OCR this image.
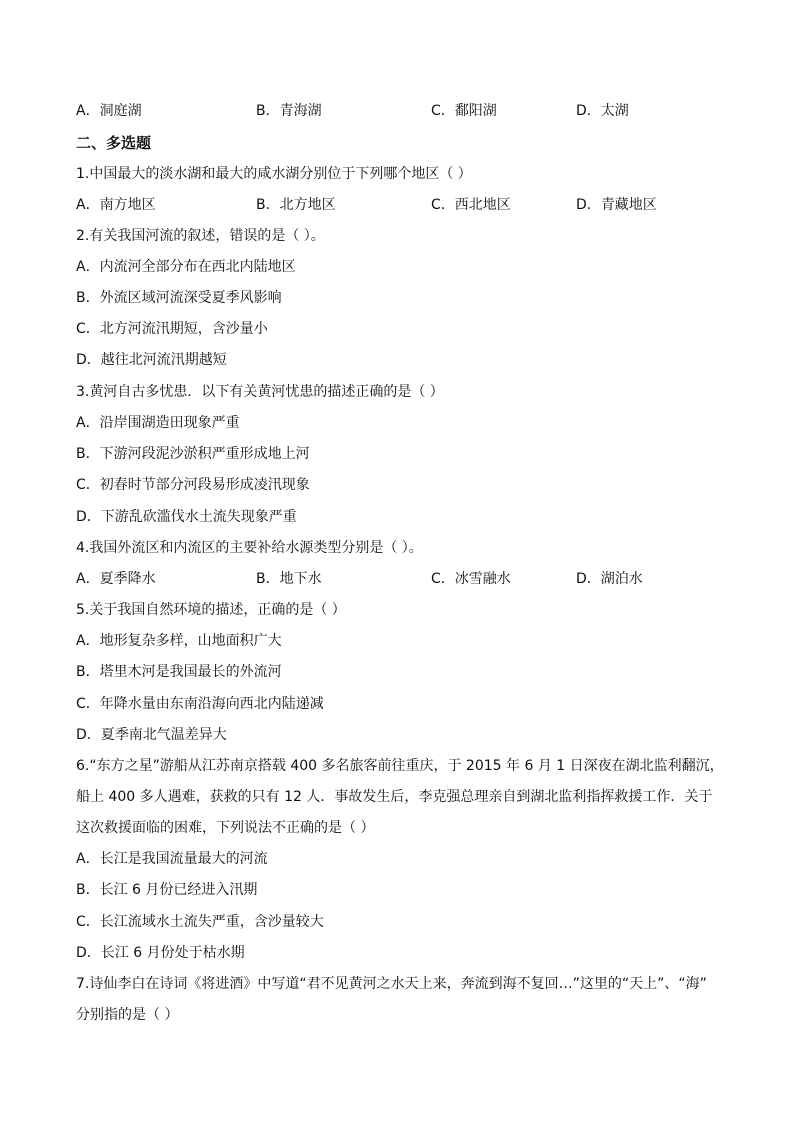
A．洞庭湖	B．青海湖	C．鄱阳湖	D．太湖
二、多选题
1.中国最大的淡水湖和最大的咸水湖分别位于下列哪个地区（ ）
A．南方地区	B．北方地区	C．西北地区	D．青藏地区
2.有关我国河流的叙述，错误的是（ ）。
A．内流河全部分布在西北内陆地区
B．外流区域河流深受夏季风影响
C．北方河流汛期短，含沙量小
D．越往北河流汛期越短
3.黄河自古多忧患．以下有关黄河忧患的描述正确的是（ ）
A．沿岸围湖造田现象严重
B．下游河段泥沙淤积严重形成地上河
C．初春时节部分河段易形成凌汛现象
D．下游乱砍滥伐水土流失现象严重
4.我国外流区和内流区的主要补给水源类型分别是（ ）。
A．夏季降水	B．地下水	C．冰雪融水	D．湖泊水
5.关于我国自然环境的描述，正确的是（ ）
A．地形复杂多样，山地面积广大
B．塔里木河是我国最长的外流河
C．年降水量由东南沿海向西北内陆递减
D．夏季南北气温差异大
6.“东方之星”游船从江苏南京搭载 400 多名旅客前往重庆，于 2015 年 6 月 1 日深夜在湖北监利翻沉，
船上 400 多人遇难，获救的只有 12 人．事故发生后，李克强总理亲自到湖北监利指挥救援工作．关于
这次救援面临的困难，下列说法不正确的是（ ）
A．长江是我国流量最大的河流
B．长江 6 月份已经进入汛期
C．长江流域水土流失严重，含沙量较大
D．长江 6 月份处于枯水期
7.诗仙李白在诗词《将进酒》中写道“君不见黄河之水天上来，奔流到海不复回…”这里的“天上”、“海”
分别指的是（ ）
